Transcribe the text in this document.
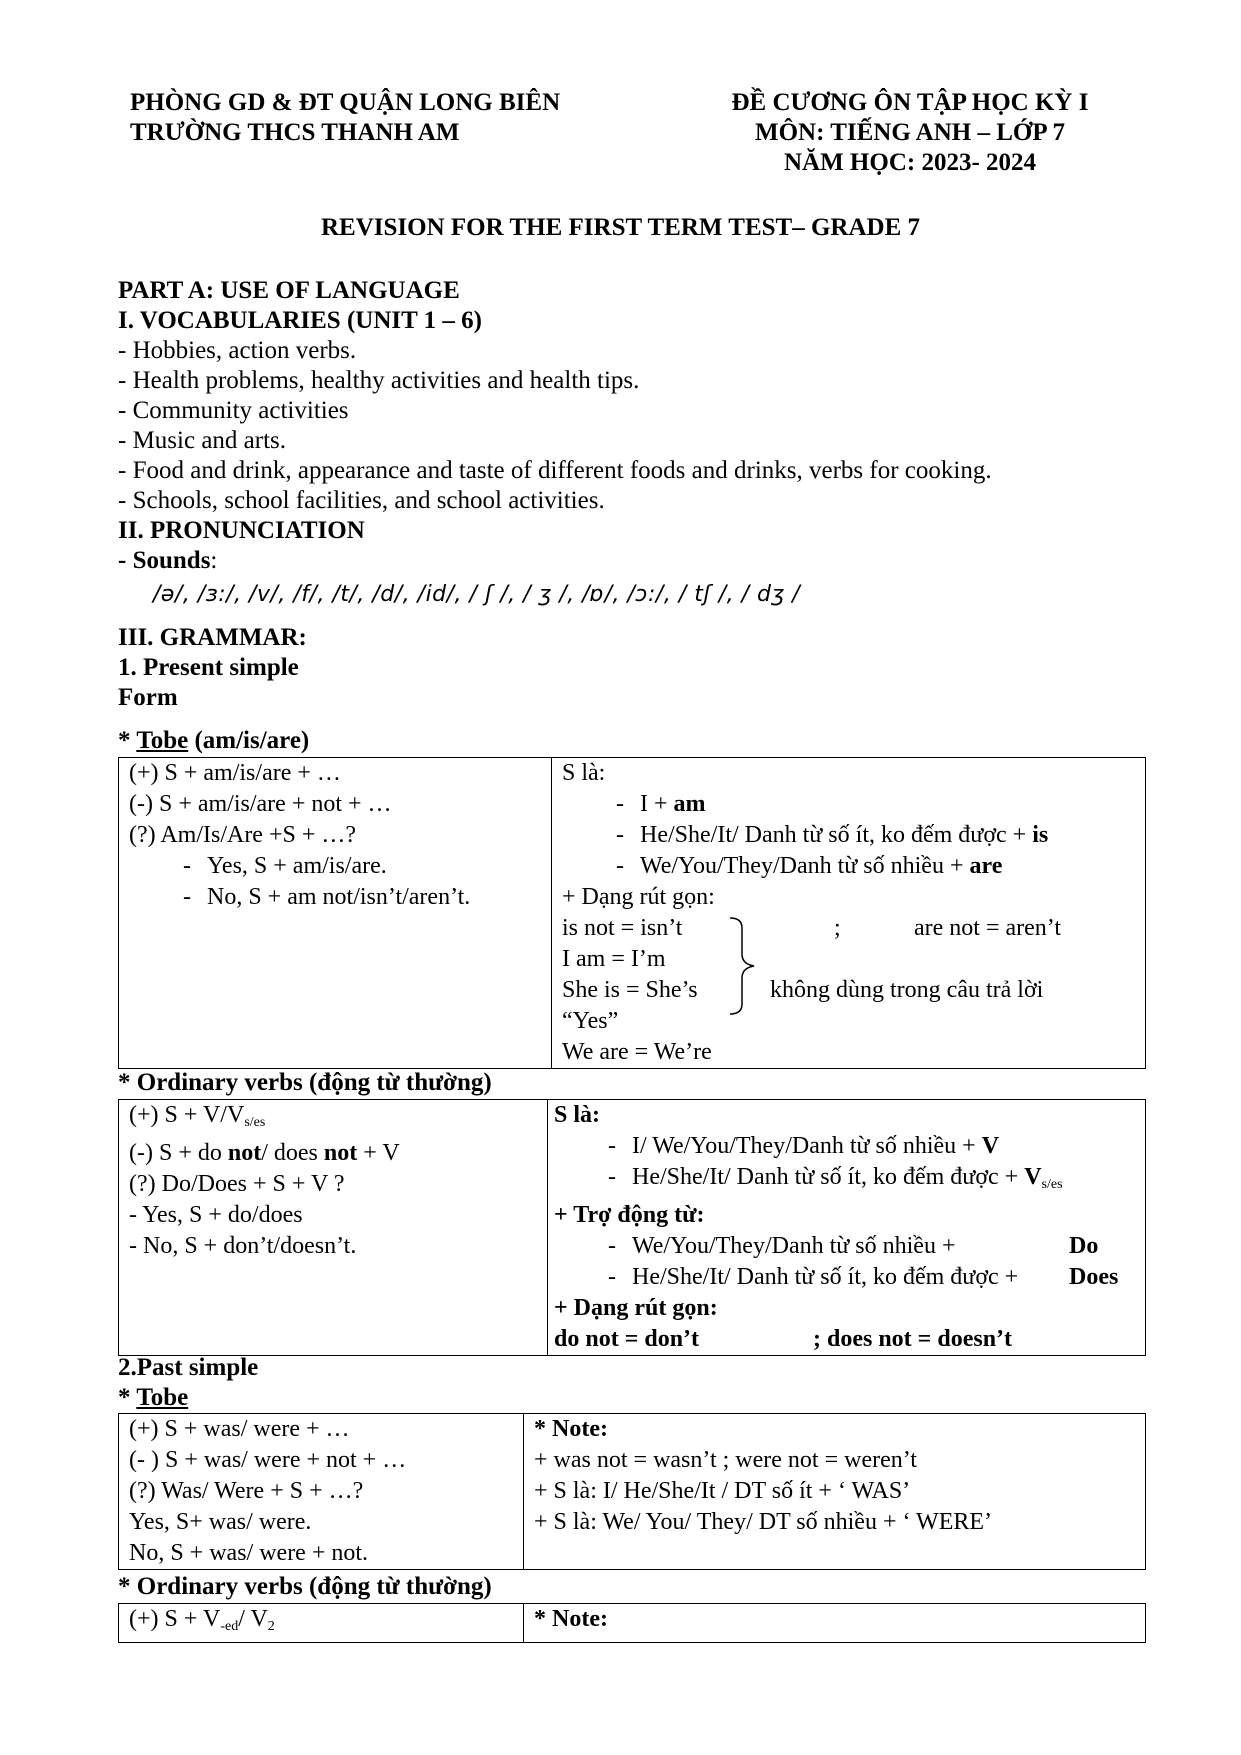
PHÒNG GD & ĐT QUẬN LONG BIÊN
TRƯỜNG THCS THANH AM
ĐỀ CƯƠNG ÔN TẬP HỌC KỲ I
MÔN: TIẾNG ANH – LỚP 7
NĂM HỌC: 2023- 2024
REVISION FOR THE FIRST TERM TEST– GRADE 7
PART A: USE OF LANGUAGE
I. VOCABULARIES (UNIT 1 – 6)
- Hobbies, action verbs.
- Health problems, healthy activities and health tips.
- Community activities
- Music and arts.
- Food and drink, appearance and taste of different foods and drinks, verbs for cooking.
- Schools, school facilities, and school activities.
II. PRONUNCIATION
- Sounds:
/ə/, /ɜ:/, /v/, /f/, /t/, /d/, /id/, / ʃ /, / ʒ /, /ɒ/, /ɔ:/, / tʃ /, / dʒ /
III. GRAMMAR:
1. Present simple
Form
* Tobe (am/is/are)
(+) S + am/is/are + …
(-) S + am/is/are + not + …
(?) Am/Is/Are +S + …?
- Yes, S + am/is/are.
- No, S + am not/isn’t/aren’t.

S là:
- I + am
- He/She/It/ Danh từ số ít, ko đếm được + is
- We/You/They/Danh từ số nhiều + are
+ Dạng rút gọn:
is not = isn’t	;	are not = aren’t
I am = I’m
She is = She’s	không dùng trong câu trả lời
“Yes”
We are = We’re
* Ordinary verbs (động từ thường)
(+) $S + V/V_{s/es}$
(-) S + do not/ does not + V
(?) Do/Does + S + V ?
- Yes, S + do/does
- No, S + don’t/doesn’t.

S là:
- I/ We/You/They/Danh từ số nhiều + V
- He/She/It/ Danh từ số ít, ko đếm được + $V_{s/es}$
+ Trợ động từ:
- We/You/They/Danh từ số nhiều +	Do
- He/She/It/ Danh từ số ít, ko đếm được + Does
+ Dạng rút gọn:
do not = don’t	; does not = doesn’t
2.Past simple
* Tobe
(+) S + was/ were + …
(- ) S + was/ were + not + …
(?) Was/ Were + S + …?
Yes, S+ was/ were.
No, S + was/ were + not.

* Note:
+ was not = wasn’t ; were not = weren’t
+ S là: I/ He/She/It / DT số ít + ‘ WAS’
+ S là: We/ You/ They/ DT số nhiều + ‘ WERE’
* Ordinary verbs (động từ thường)
(+) $S + V_{-ed}/$ $V_2$	* Note:
